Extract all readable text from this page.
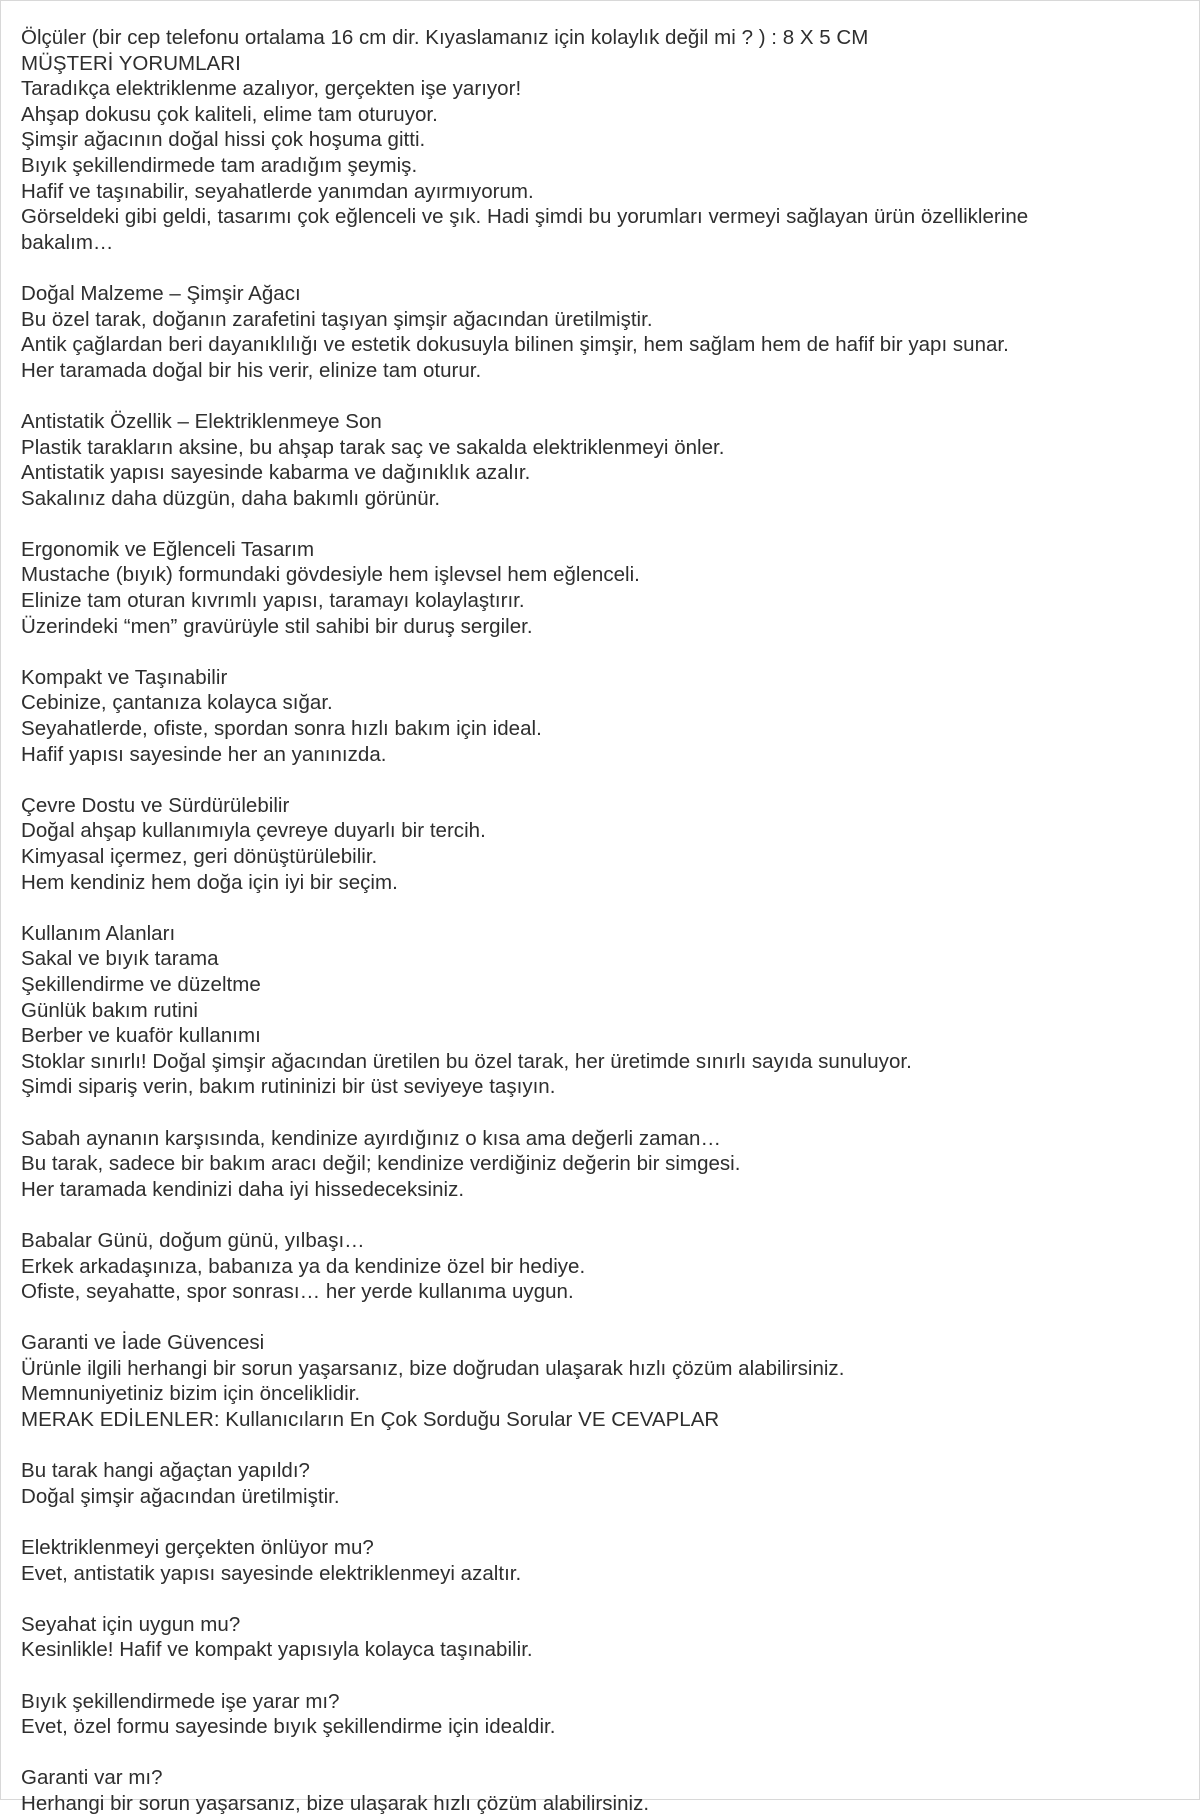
Ölçüler (bir cep telefonu ortalama 16 cm dir. Kıyaslamanız için kolaylık değil mi ? ) : 8 X 5 CM
MÜŞTERİ YORUMLARI
Taradıkça elektriklenme azalıyor, gerçekten işe yarıyor!
Ahşap dokusu çok kaliteli, elime tam oturuyor.
Şimşir ağacının doğal hissi çok hoşuma gitti.
Bıyık şekillendirmede tam aradığım şeymiş.
Hafif ve taşınabilir, seyahatlerde yanımdan ayırmıyorum.
Görseldeki gibi geldi, tasarımı çok eğlenceli ve şık. Hadi şimdi bu yorumları vermeyi sağlayan ürün özelliklerine bakalım…
Doğal Malzeme – Şimşir Ağacı
Bu özel tarak, doğanın zarafetini taşıyan şimşir ağacından üretilmiştir.
Antik çağlardan beri dayanıklılığı ve estetik dokusuyla bilinen şimşir, hem sağlam hem de hafif bir yapı sunar.
Her taramada doğal bir his verir, elinize tam oturur.
Antistatik Özellik – Elektriklenmeye Son
Plastik tarakların aksine, bu ahşap tarak saç ve sakalda elektriklenmeyi önler.
Antistatik yapısı sayesinde kabarma ve dağınıklık azalır.
Sakalınız daha düzgün, daha bakımlı görünür.
Ergonomik ve Eğlenceli Tasarım
Mustache (bıyık) formundaki gövdesiyle hem işlevsel hem eğlenceli.
Elinize tam oturan kıvrımlı yapısı, taramayı kolaylaştırır.
Üzerindeki “men” gravürüyle stil sahibi bir duruş sergiler.
Kompakt ve Taşınabilir
Cebinize, çantanıza kolayca sığar.
Seyahatlerde, ofiste, spordan sonra hızlı bakım için ideal.
Hafif yapısı sayesinde her an yanınızda.
Çevre Dostu ve Sürdürülebilir
Doğal ahşap kullanımıyla çevreye duyarlı bir tercih.
Kimyasal içermez, geri dönüştürülebilir.
Hem kendiniz hem doğa için iyi bir seçim.
Kullanım Alanları
Sakal ve bıyık tarama
Şekillendirme ve düzeltme
Günlük bakım rutini
Berber ve kuaför kullanımı
Stoklar sınırlı! Doğal şimşir ağacından üretilen bu özel tarak, her üretimde sınırlı sayıda sunuluyor.
Şimdi sipariş verin, bakım rutininizi bir üst seviyeye taşıyın.
Sabah aynanın karşısında, kendinize ayırdığınız o kısa ama değerli zaman…
Bu tarak, sadece bir bakım aracı değil; kendinize verdiğiniz değerin bir simgesi.
Her taramada kendinizi daha iyi hissedeceksiniz.
Babalar Günü, doğum günü, yılbaşı…
Erkek arkadaşınıza, babanıza ya da kendinize özel bir hediye.
Ofiste, seyahatte, spor sonrası… her yerde kullanıma uygun.
Garanti ve İade Güvencesi
Ürünle ilgili herhangi bir sorun yaşarsanız, bize doğrudan ulaşarak hızlı çözüm alabilirsiniz.
Memnuniyetiniz bizim için önceliklidir.
MERAK EDİLENLER: Kullanıcıların En Çok Sorduğu Sorular VE CEVAPLAR
Bu tarak hangi ağaçtan yapıldı?
Doğal şimşir ağacından üretilmiştir.
Elektriklenmeyi gerçekten önlüyor mu?
Evet, antistatik yapısı sayesinde elektriklenmeyi azaltır.
Seyahat için uygun mu?
Kesinlikle! Hafif ve kompakt yapısıyla kolayca taşınabilir.
Bıyık şekillendirmede işe yarar mı?
Evet, özel formu sayesinde bıyık şekillendirme için idealdir.
Garanti var mı?
Herhangi bir sorun yaşarsanız, bize ulaşarak hızlı çözüm alabilirsiniz.
